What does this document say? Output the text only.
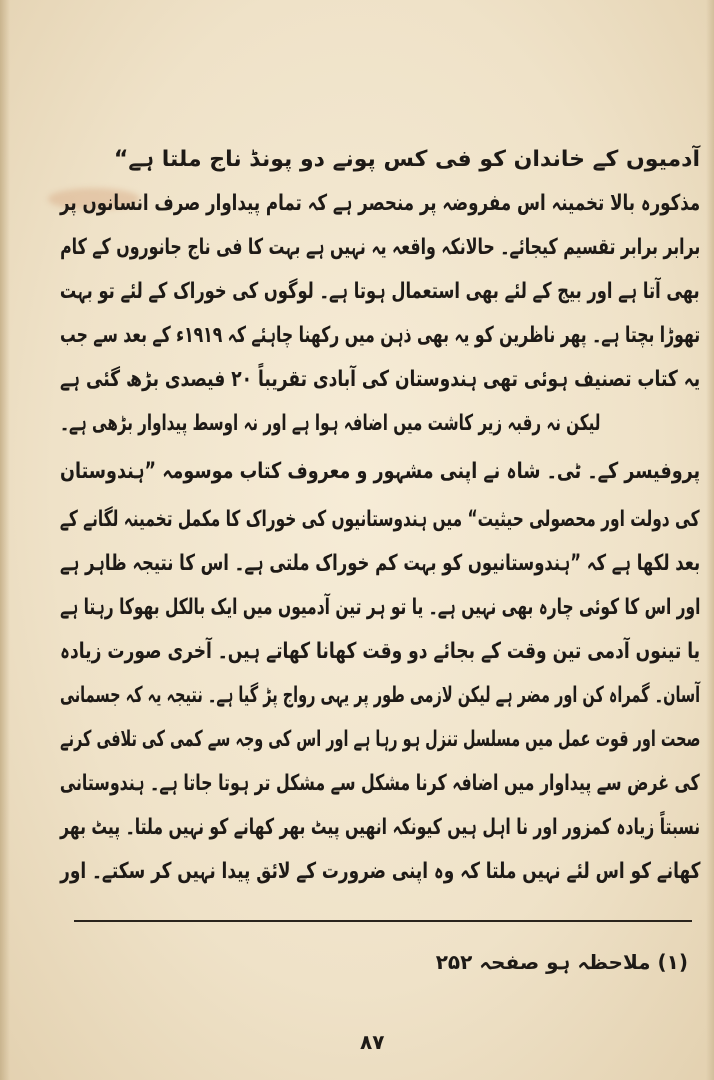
آدمیوں کے خاندان کو فی کس پونے دو پونڈ ناج ملتا ہے“
مذکورہ بالا تخمینہ اس مفروضہ پر منحصر ہے کہ تمام پیداوار صرف انسانوں پر
برابر برابر تقسیم کیجائے۔ حالانکہ واقعہ یہ نہیں ہے بہت کا فی ناج جانوروں کے کام
بھی آتا ہے اور بیج کے لئے بھی استعمال ہوتا ہے۔ لوگوں کی خوراک کے لئے تو بہت
تھوڑا بچتا ہے۔ پھر ناظرین کو یہ بھی ذہن میں رکھنا چاہئے کہ ۱۹۱۹ء کے بعد سے جب
یہ کتاب تصنیف ہوئی تھی ہندوستان کی آبادی تقریباً ۲۰ فیصدی بڑھ گئی ہے
لیکن نہ رقبہ زیر کاشت میں اضافہ ہوا ہے اور نہ اوسط پیداوار بڑھی ہے۔
پروفیسر کے۔ ٹی۔ شاہ نے اپنی مشہور و معروف کتاب موسومہ ”ہندوستان
کی دولت اور محصولی حیثیت“ میں ہندوستانیوں کی خوراک کا مکمل تخمینہ لگانے کے
بعد لکھا ہے کہ ”ہندوستانیوں کو بہت کم خوراک ملتی ہے۔ اس کا نتیجہ ظاہر ہے
اور اس کا کوئی چارہ بھی نہیں ہے۔ یا تو ہر تین آدمیوں میں ایک بالکل بھوکا رہتا ہے
یا تینوں آدمی تین وقت کے بجائے دو وقت کھانا کھاتے ہیں۔ آخری صورت زیادہ
آسان۔ گمراہ کن اور مضر ہے لیکن لازمی طور پر یہی رواج پڑ گیا ہے۔ نتیجہ یہ کہ جسمانی
صحت اور قوت عمل میں مسلسل تنزل ہو رہا ہے اور اس کی وجہ سے کمی کی تلافی کرنے
کی غرض سے پیداوار میں اضافہ کرنا مشکل سے مشکل تر ہوتا جاتا ہے۔ ہندوستانی
نسبتاً زیادہ کمزور اور نا اہل ہیں کیونکہ انھیں پیٹ بھر کھانے کو نہیں ملتا۔ پیٹ بھر
کھانے کو اس لئے نہیں ملتا کہ وہ اپنی ضرورت کے لائق پیدا نہیں کر سکتے۔ اور
(۱) ملاحظہ ہو صفحہ ۲۵۲
۸۷
